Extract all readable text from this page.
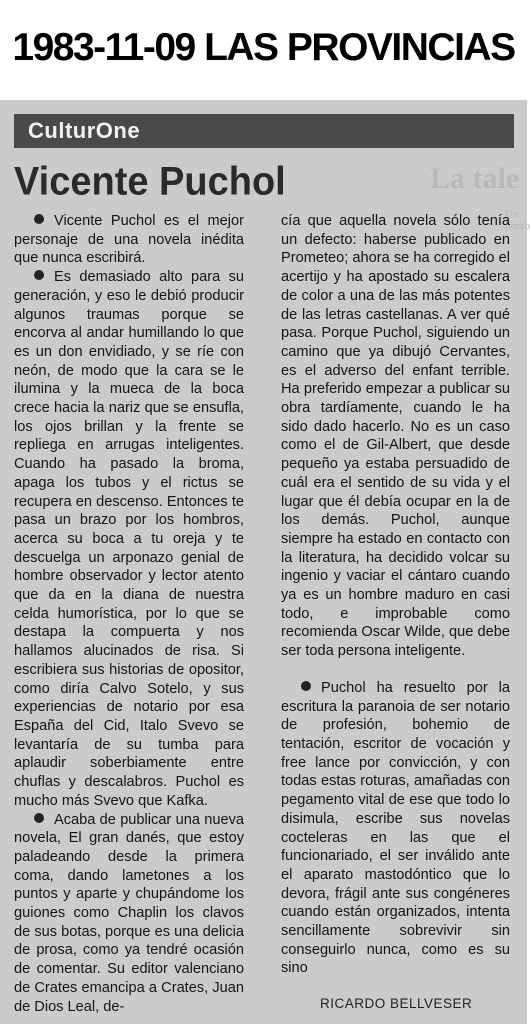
1983-11-09 LAS PROVINCIAS
CulturOne
La tale
Un homb
Vicente Puchol

Vicente Puchol es el mejor personaje de una novela inédita que nunca escribirá.

Es demasiado alto para su generación, y eso le debió producir algunos traumas porque se encorva al andar humillando lo que es un don envidiado, y se ríe con neón, de modo que la cara se le ilumina y la mueca de la boca crece hacia la nariz que se ensufla, los ojos brillan y la frente se repliega en arrugas inteligentes. Cuando ha pasado la broma, apaga los tubos y el rictus se recupera en descenso. Entonces te pasa un brazo por los hombros, acerca su boca a tu oreja y te descuelga un arponazo genial de hombre observador y lector atento que da en la diana de nuestra celda humorística, por lo que se destapa la compuerta y nos hallamos alucinados de risa. Si escribiera sus historias de opositor, como diría Calvo Sotelo, y sus experiencias de notario por esa España del Cid, Italo Svevo se levantaría de su tumba para aplaudir soberbiamente entre chuflas y descalabros. Puchol es mucho más Svevo que Kafka.

Acaba de publicar una nueva novela, El gran danés, que estoy paladeando desde la primera coma, dando lametones a los puntos y aparte y chupándome los guiones como Chaplin los clavos de sus botas, porque es una delicia de prosa, como ya tendré ocasión de comentar. Su editor valenciano de Crates emancipa a Crates, Juan de Dios Leal, de-

cía que aquella novela sólo tenía un defecto: haberse publicado en Prometeo; ahora se ha corregido el acertijo y ha apostado su escalera de color a una de las más potentes de las letras castellanas. A ver qué pasa. Porque Puchol, siguiendo un camino que ya dibujó Cervantes, es el adverso del enfant terrible. Ha preferido empezar a publicar su obra tardíamente, cuando le ha sido dado hacerlo. No es un caso como el de Gil-Albert, que desde pequeño ya estaba persuadido de cuál era el sentido de su vida y el lugar que él debía ocupar en la de los demás. Puchol, aunque siempre ha estado en contacto con la literatura, ha decidido volcar su ingenio y vaciar el cántaro cuando ya es un hombre maduro en casi todo, e improbable como recomienda Oscar Wilde, que debe ser toda persona inteligente.

Puchol ha resuelto por la escritura la paranoia de ser notario de profesión, bohemio de tentación, escritor de vocación y free lance por convicción, y con todas estas roturas, amañadas con pegamento vital de ese que todo lo disimula, escribe sus novelas cocteleras en las que el funcionariado, el ser inválido ante el aparato mastodóntico que lo devora, frágil ante sus congéneres cuando están organizados, intenta sencillamente sobrevivir sin conseguirlo nunca, como es su sino

RICARDO BELLVESER
